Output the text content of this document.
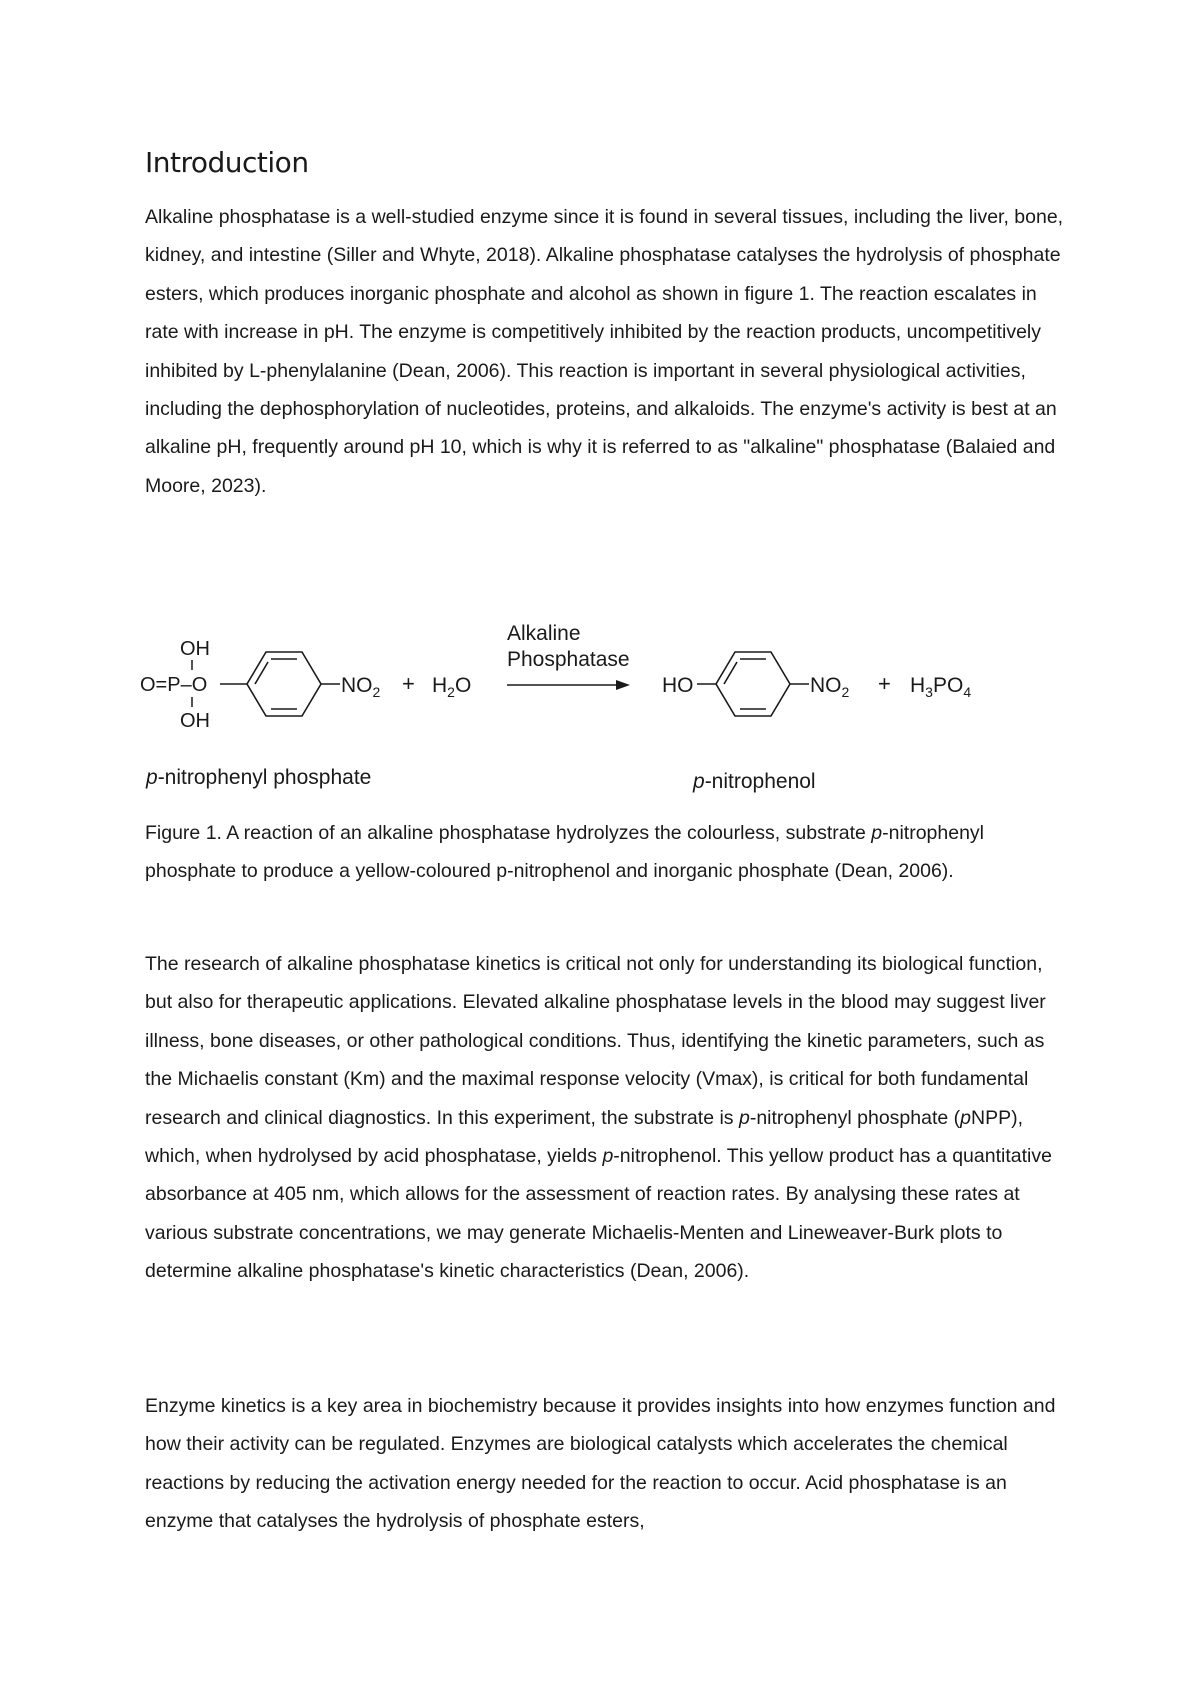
Introduction

Alkaline phosphatase is a well-studied enzyme since it is found in several tissues, including the liver, bone, kidney, and intestine (Siller and Whyte, 2018). Alkaline phosphatase catalyses the hydrolysis of phosphate esters, which produces inorganic phosphate and alcohol as shown in figure 1. The reaction escalates in rate with increase in pH. The enzyme is competitively inhibited by the reaction products, uncompetitively inhibited by L-phenylalanine (Dean, 2006). This reaction is important in several physiological activities, including the dephosphorylation of nucleotides, proteins, and alkaloids. The enzyme's activity is best at an alkaline pH, frequently around pH 10, which is why it is referred to as "alkaline" phosphatase (Balaied and Moore, 2023).

OH
O=P–O
OH
$NO_2 + H_2O$
Alkaline
Phosphatase
HO	$NO_2 + H_3PO_4$
p-nitrophenyl phosphate	p-nitrophenol

Figure 1. A reaction of an alkaline phosphatase hydrolyzes the colourless, substrate p-nitrophenyl phosphate to produce a yellow-coloured p-nitrophenol and inorganic phosphate (Dean, 2006).

The research of alkaline phosphatase kinetics is critical not only for understanding its biological function, but also for therapeutic applications. Elevated alkaline phosphatase levels in the blood may suggest liver illness, bone diseases, or other pathological conditions. Thus, identifying the kinetic parameters, such as the Michaelis constant (Km) and the maximal response velocity (Vmax), is critical for both fundamental research and clinical diagnostics. In this experiment, the substrate is p-nitrophenyl phosphate (pNPP), which, when hydrolysed by acid phosphatase, yields p-nitrophenol. This yellow product has a quantitative absorbance at 405 nm, which allows for the assessment of reaction rates. By analysing these rates at various substrate concentrations, we may generate Michaelis-Menten and Lineweaver-Burk plots to determine alkaline phosphatase's kinetic characteristics (Dean, 2006).

Enzyme kinetics is a key area in biochemistry because it provides insights into how enzymes function and how their activity can be regulated. Enzymes are biological catalysts which accelerates the chemical reactions by reducing the activation energy needed for the reaction to occur. Acid phosphatase is an enzyme that catalyses the hydrolysis of phosphate esters,
